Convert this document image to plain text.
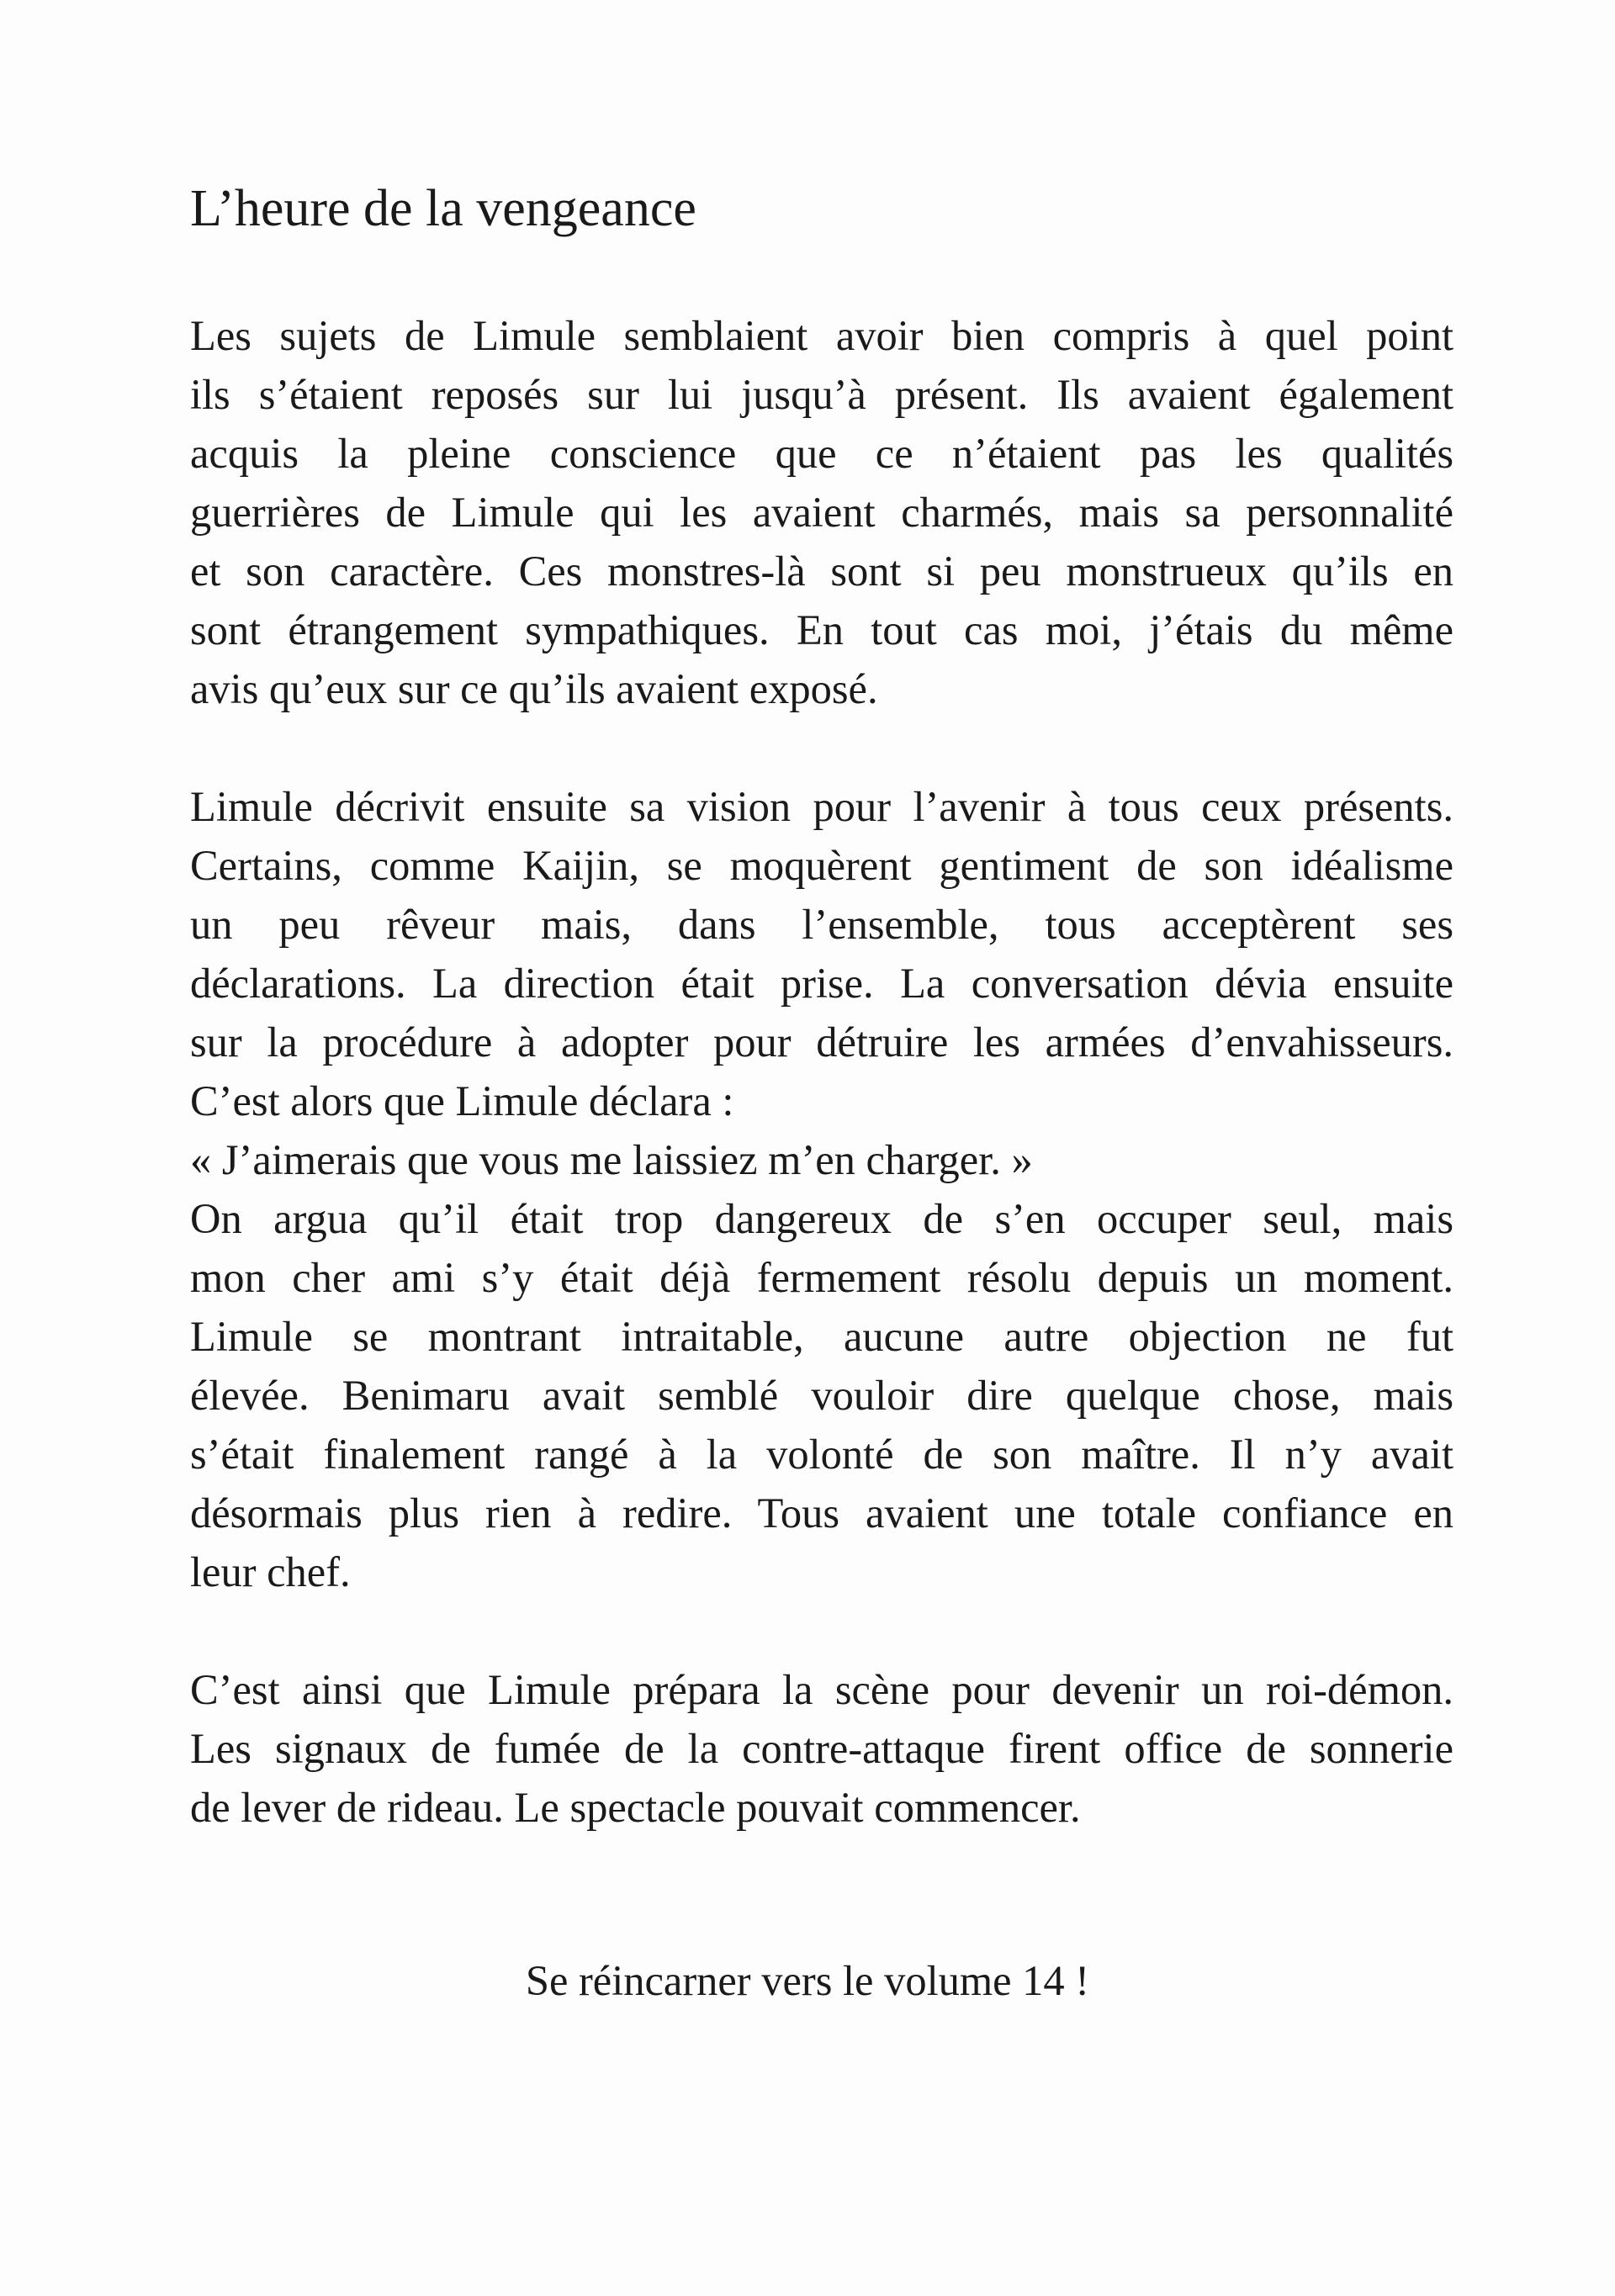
L’heure de la vengeance
Les sujets de Limule semblaient avoir bien compris à quel point
ils s’étaient reposés sur lui jusqu’à présent. Ils avaient également
acquis la pleine conscience que ce n’étaient pas les qualités
guerrières de Limule qui les avaient charmés, mais sa personnalité
et son caractère. Ces monstres-là sont si peu monstrueux qu’ils en
sont étrangement sympathiques. En tout cas moi, j’étais du même
avis qu’eux sur ce qu’ils avaient exposé.
Limule décrivit ensuite sa vision pour l’avenir à tous ceux présents.
Certains, comme Kaijin, se moquèrent gentiment de son idéalisme
un peu rêveur mais, dans l’ensemble, tous acceptèrent ses
déclarations. La direction était prise. La conversation dévia ensuite
sur la procédure à adopter pour détruire les armées d’envahisseurs.
C’est alors que Limule déclara :
« J’aimerais que vous me laissiez m’en charger. »
On argua qu’il était trop dangereux de s’en occuper seul, mais
mon cher ami s’y était déjà fermement résolu depuis un moment.
Limule se montrant intraitable, aucune autre objection ne fut
élevée. Benimaru avait semblé vouloir dire quelque chose, mais
s’était finalement rangé à la volonté de son maître. Il n’y avait
désormais plus rien à redire. Tous avaient une totale confiance en
leur chef.
C’est ainsi que Limule prépara la scène pour devenir un roi-démon.
Les signaux de fumée de la contre-attaque firent office de sonnerie
de lever de rideau. Le spectacle pouvait commencer.

Se réincarner vers le volume 14 !
